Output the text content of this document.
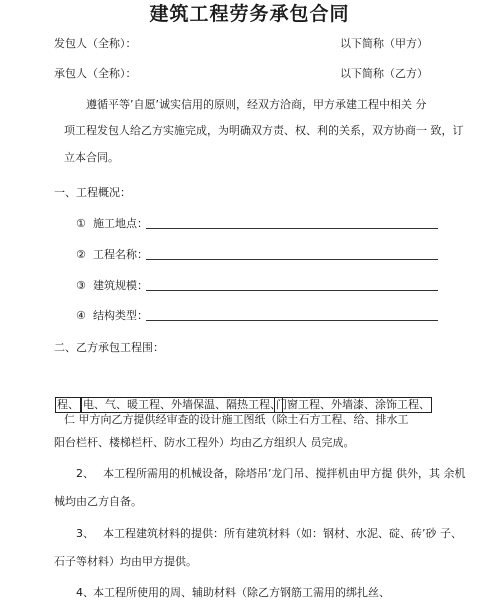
建筑工程劳务承包合同
发包人（全称）：	以下简称（甲方）
承包人（全称）：	以下简称（乙方）
遵循平等’自愿’诚实信用的原则，经双方洽商，甲方承建工程中相关 分
项工程发包人给乙方实施完成，为明确双方责、权、利的关系，双方协商一 致，订
立本合同。
一、工程概况：
① 施工地点：
② 工程名称：
③ 建筑规模：
④ 结构类型：
二、乙方承包工程围：
程、 电、气、暖工程、外墙保温、隔热工程、
门窗工程、外墙漆、涂饰工程、
仁 甲方向乙方提供经审查的设计施工图纸（除土石方工程、给、排水工
阳台栏杆、楼梯栏杆、防水工程外）均由乙方组织人 员完成。
2、 本工程所需用的机械设备，除塔吊’龙门吊、搅拌机由甲方提 供外，其 余机
械均由乙方自备。
3、 本工程建筑材料的提供：所有建筑材料（如：钢材、水泥、碇、砖’砂 子、
石子等材料）均由甲方提供。
4、 本工程所使用的周、辅助材料（除乙方钢筋工需用的绑扎丝、
